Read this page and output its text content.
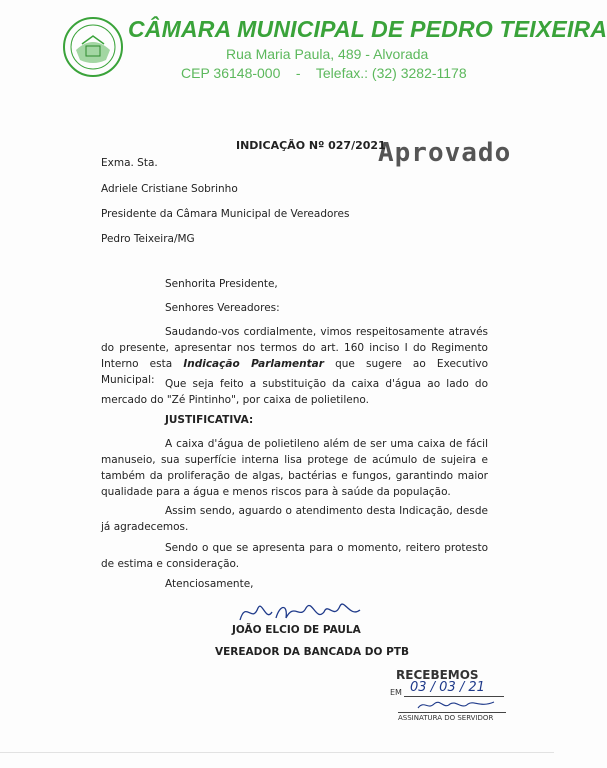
CÂMARA MUNICIPAL DE PEDRO TEIXEIRA
Rua Maria Paula, 489 - Alvorada
CEP 36148-000    -    Telefax.: (32) 3282-1178
Aprovado
INDICAÇÃO Nº 027/2021
Exma. Sta.
Adriele Cristiane Sobrinho
Presidente da Câmara Municipal de Vereadores
Pedro Teixeira/MG
Senhorita Presidente,
Senhores Vereadores:
Saudando-vos cordialmente, vimos respeitosamente através do presente, apresentar nos termos do art. 160 inciso I do Regimento Interno esta Indicação Parlamentar que sugere ao Executivo Municipal: Que seja feito a substituição da caixa d'água ao lado do mercado do "Zé Pintinho", por caixa de polietileno.
JUSTIFICATIVA:
A caixa d'água de polietileno além de ser uma caixa de fácil manuseio, sua superfície interna lisa protege de acúmulo de sujeira e também da proliferação de algas, bactérias e fungos, garantindo maior qualidade para a água e menos riscos para à saúde da população.
Assim sendo, aguardo o atendimento desta Indicação, desde já agradecemos.
Sendo o que se apresenta para o momento, reitero protesto de estima e consideração.
Atenciosamente,
JOÃO ELCIO DE PAULA
VEREADOR DA BANCADA DO PTB
RECEBEMOS
EM 03 / 03 / 21
ASSINATURA DO SERVIDOR
